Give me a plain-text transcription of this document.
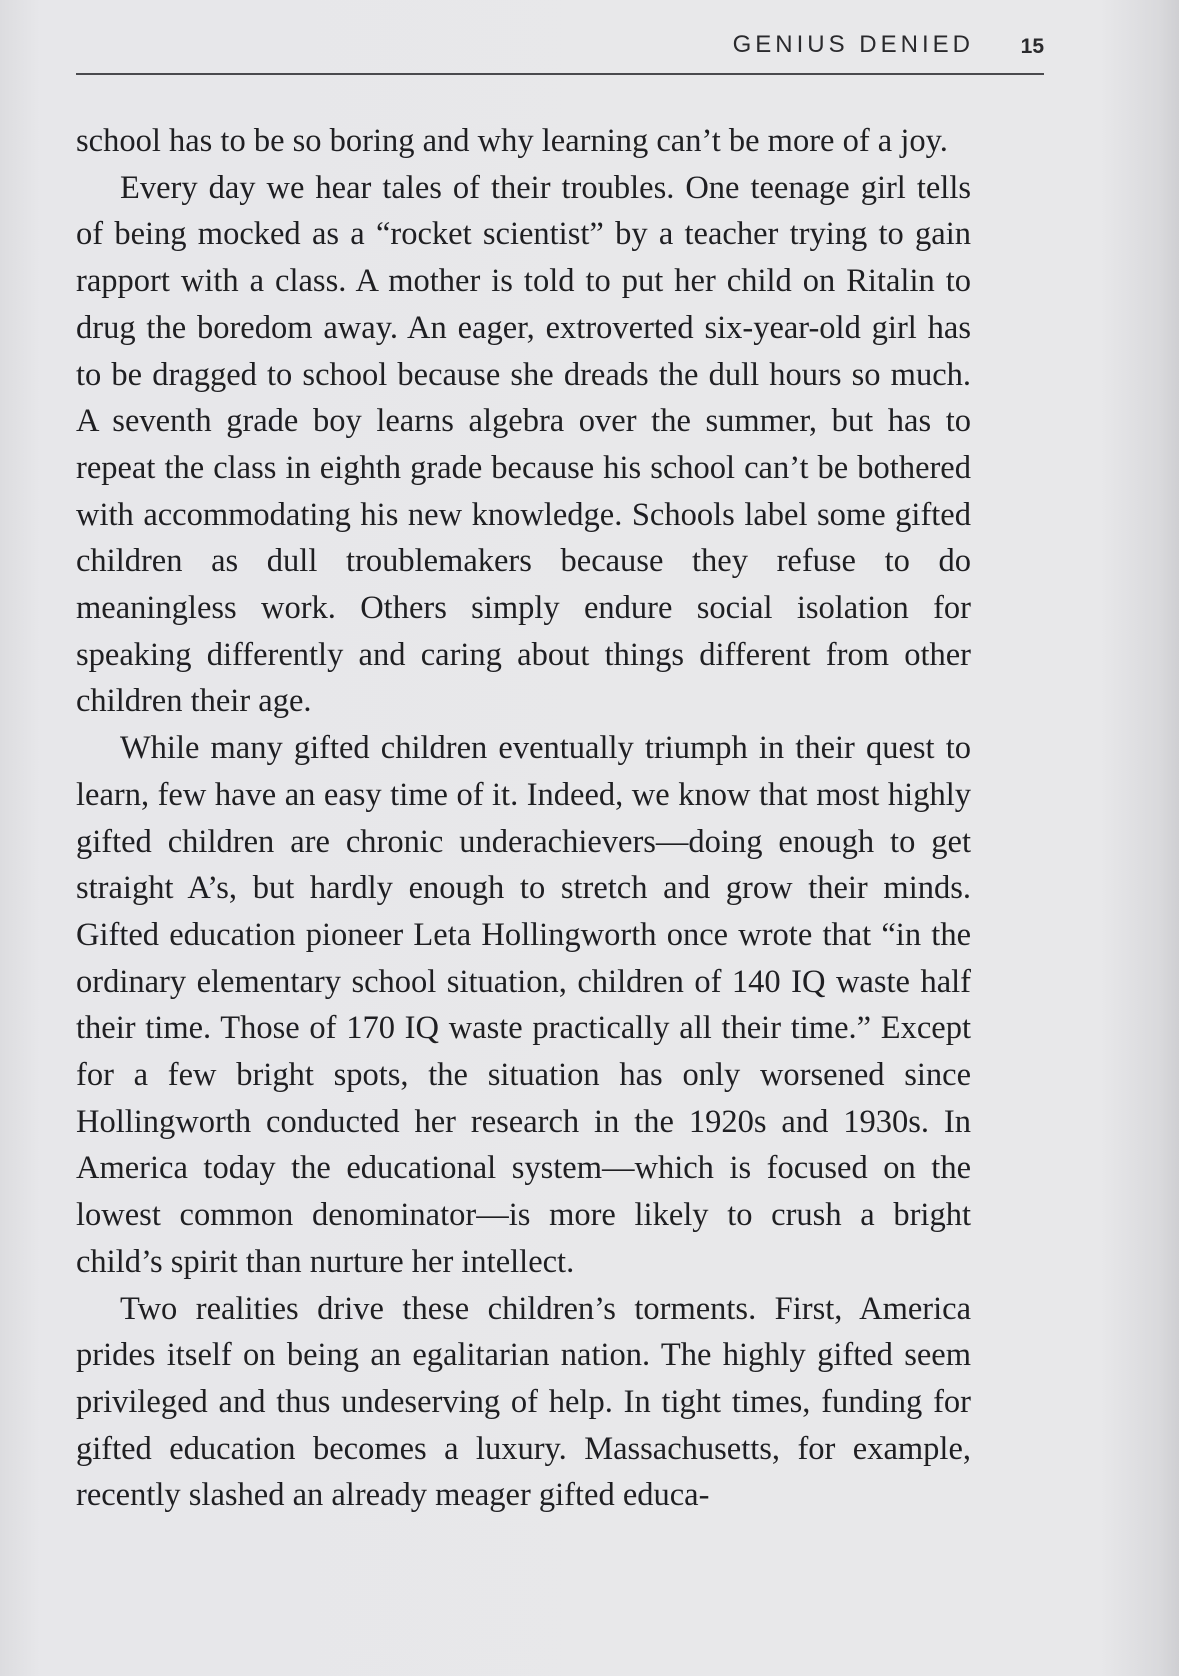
GENIUS DENIED 15

school has to be so boring and why learning can’t be more of a joy.

Every day we hear tales of their troubles. One teenage girl tells of being mocked as a “rocket scientist” by a teacher trying to gain rapport with a class. A mother is told to put her child on Ritalin to drug the boredom away. An eager, extroverted six-year-old girl has to be dragged to school because she dreads the dull hours so much. A seventh grade boy learns algebra over the summer, but has to repeat the class in eighth grade because his school can’t be bothered with accommodating his new knowledge. Schools label some gifted children as dull troublemakers because they refuse to do meaningless work. Others simply endure social isolation for speaking differently and caring about things different from other children their age.

While many gifted children eventually triumph in their quest to learn, few have an easy time of it. Indeed, we know that most highly gifted children are chronic underachievers—doing enough to get straight A’s, but hardly enough to stretch and grow their minds. Gifted education pioneer Leta Hollingworth once wrote that “in the ordinary elementary school situation, children of 140 IQ waste half their time. Those of 170 IQ waste practically all their time.” Except for a few bright spots, the situation has only worsened since Hollingworth conducted her research in the 1920s and 1930s. In America today the educational system—which is focused on the lowest common denominator—is more likely to crush a bright child’s spirit than nurture her intellect.

Two realities drive these children’s torments. First, America prides itself on being an egalitarian nation. The highly gifted seem privileged and thus undeserving of help. In tight times, funding for gifted education becomes a luxury. Massachusetts, for example, recently slashed an already meager gifted educa-
